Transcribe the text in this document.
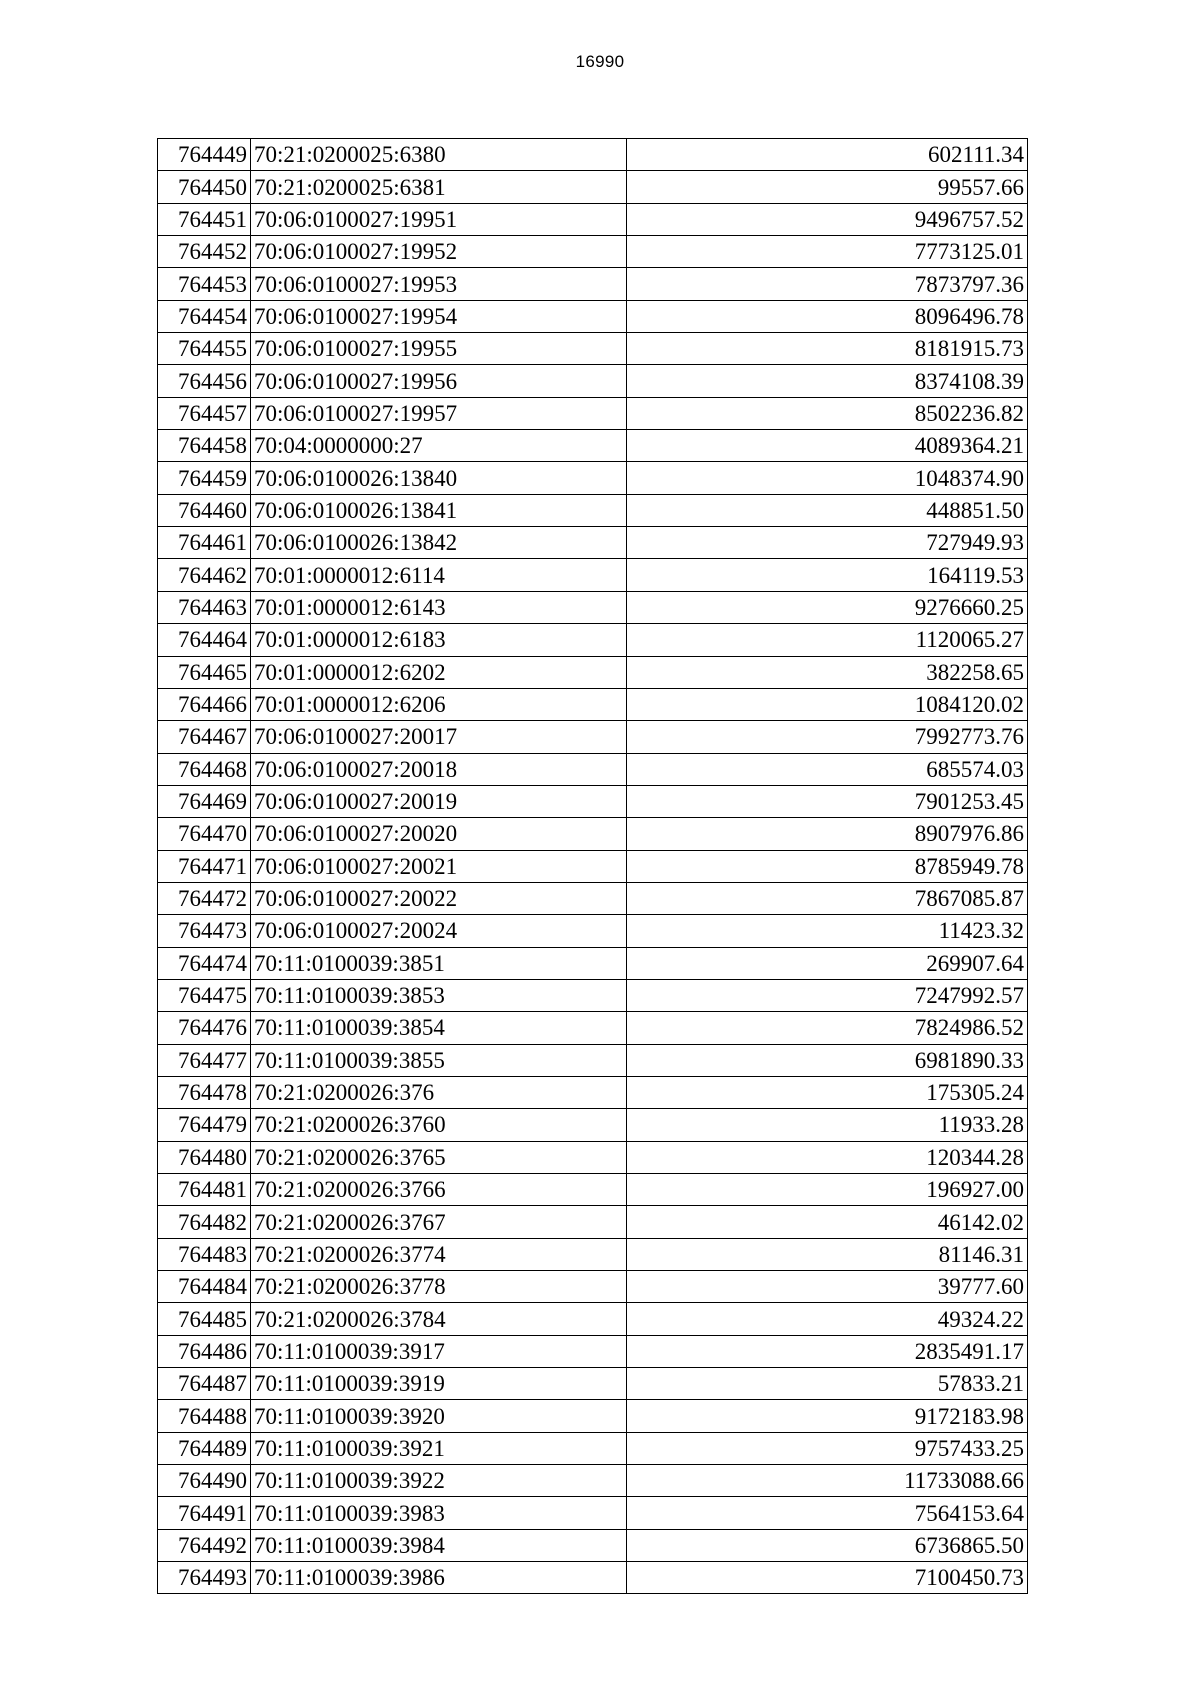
16990
764449	70:21:0200025:6380	602111.34
764450	70:21:0200025:6381	99557.66
764451	70:06:0100027:19951	9496757.52
764452	70:06:0100027:19952	7773125.01
764453	70:06:0100027:19953	7873797.36
764454	70:06:0100027:19954	8096496.78
764455	70:06:0100027:19955	8181915.73
764456	70:06:0100027:19956	8374108.39
764457	70:06:0100027:19957	8502236.82
764458	70:04:0000000:27	4089364.21
764459	70:06:0100026:13840	1048374.90
764460	70:06:0100026:13841	448851.50
764461	70:06:0100026:13842	727949.93
764462	70:01:0000012:6114	164119.53
764463	70:01:0000012:6143	9276660.25
764464	70:01:0000012:6183	1120065.27
764465	70:01:0000012:6202	382258.65
764466	70:01:0000012:6206	1084120.02
764467	70:06:0100027:20017	7992773.76
764468	70:06:0100027:20018	685574.03
764469	70:06:0100027:20019	7901253.45
764470	70:06:0100027:20020	8907976.86
764471	70:06:0100027:20021	8785949.78
764472	70:06:0100027:20022	7867085.87
764473	70:06:0100027:20024	11423.32
764474	70:11:0100039:3851	269907.64
764475	70:11:0100039:3853	7247992.57
764476	70:11:0100039:3854	7824986.52
764477	70:11:0100039:3855	6981890.33
764478	70:21:0200026:376	175305.24
764479	70:21:0200026:3760	11933.28
764480	70:21:0200026:3765	120344.28
764481	70:21:0200026:3766	196927.00
764482	70:21:0200026:3767	46142.02
764483	70:21:0200026:3774	81146.31
764484	70:21:0200026:3778	39777.60
764485	70:21:0200026:3784	49324.22
764486	70:11:0100039:3917	2835491.17
764487	70:11:0100039:3919	57833.21
764488	70:11:0100039:3920	9172183.98
764489	70:11:0100039:3921	9757433.25
764490	70:11:0100039:3922	11733088.66
764491	70:11:0100039:3983	7564153.64
764492	70:11:0100039:3984	6736865.50
764493	70:11:0100039:3986	7100450.73
